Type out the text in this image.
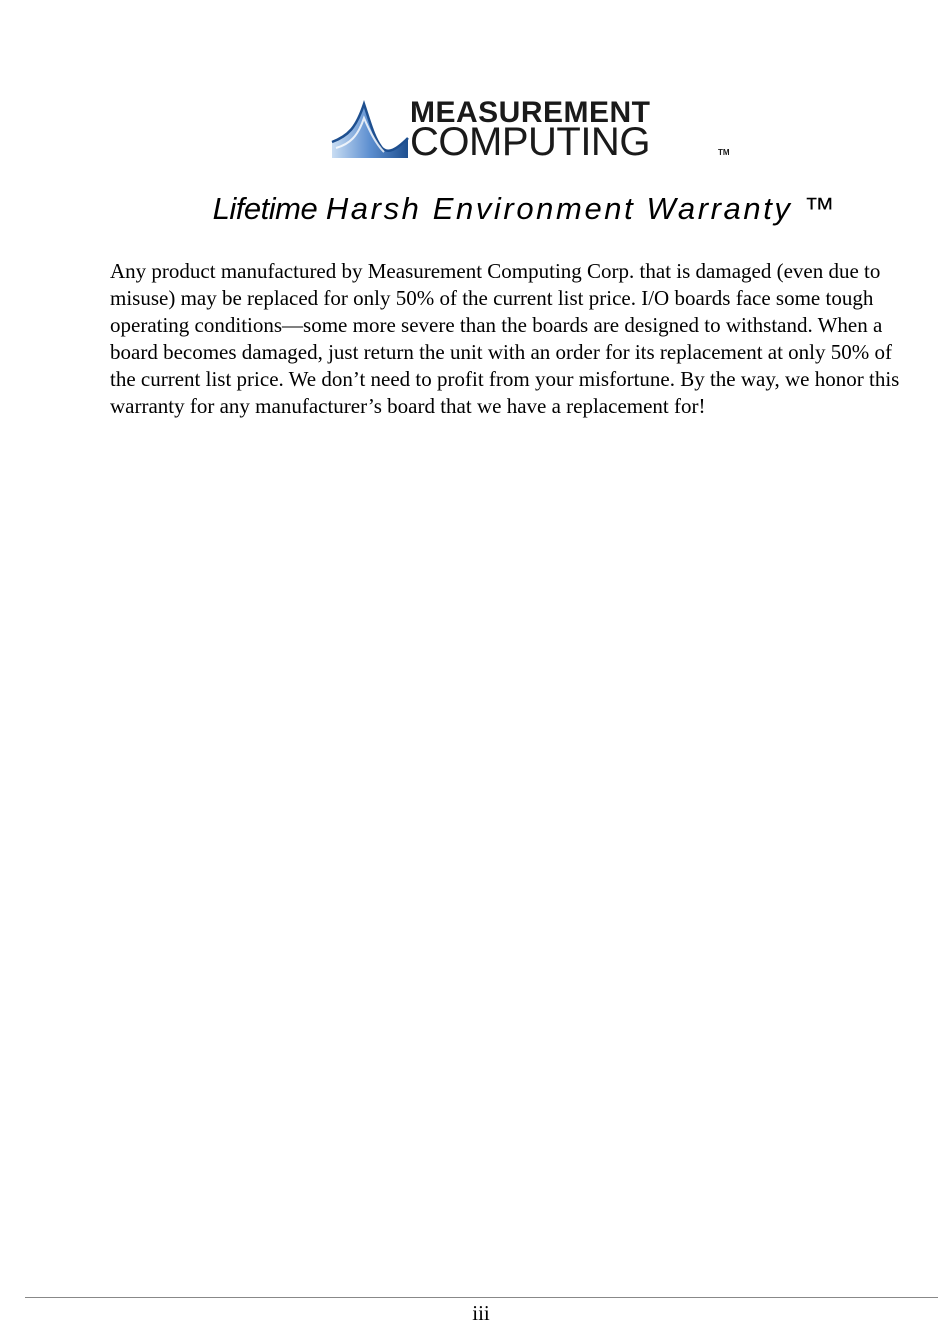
MEASUREMENT
COMPUTING	TM
Lifetime Harsh Environment Warranty ™

Any product manufactured by Measurement Computing Corp. that is damaged (even due to misuse) may be replaced for only 50% of the current list price. I/O boards face some tough operating conditions—some more severe than the boards are designed to withstand. When a board becomes damaged, just return the unit with an order for its replacement at only 50% of the current list price. We don’t need to profit from your misfortune. By the way, we honor this warranty for any manufacturer’s board that we have a replacement for!

iii
